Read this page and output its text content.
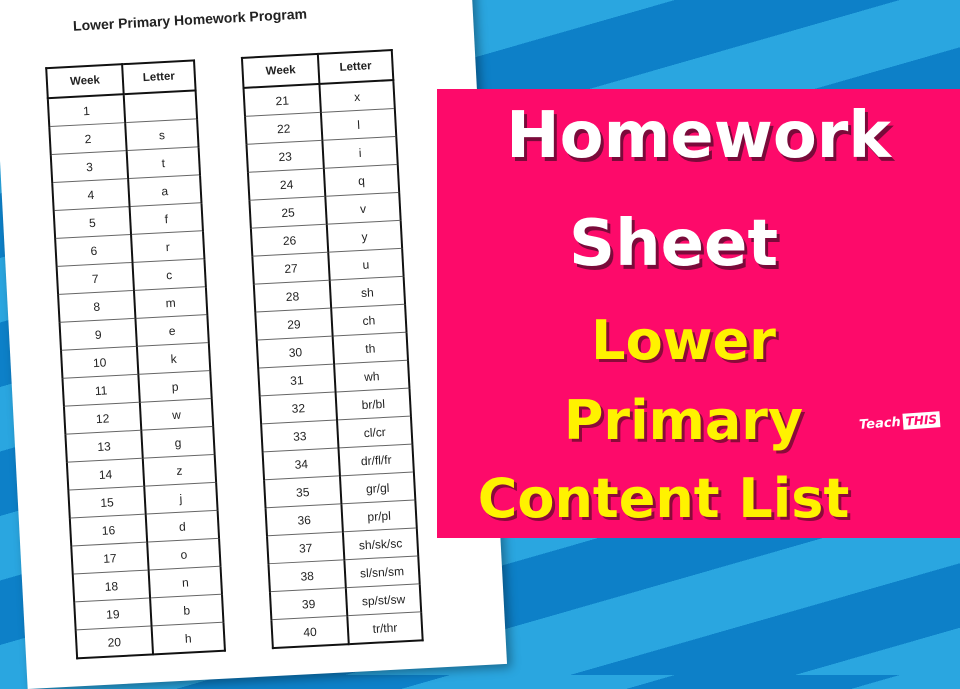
Lower Primary Homework Program
Week	Letter
1	
2	s
3	t
4	a
5	f
6	r
7	c
8	m
9	e
10	k
11	p
12	w
13	g
14	z
15	j
16	d
17	o
18	n
19	b
20	h
Week	Letter
21	x
22	l
23	i
24	q
25	v
26	y
27	u
28	sh
29	ch
30	th
31	wh
32	br/bl
33	cl/cr
34	dr/fl/fr
35	gr/gl
36	pr/pl
37	sh/sk/sc
38	sl/sn/sm
39	sp/st/sw
40	tr/thr
Homework
Sheet
Lower
Primary
Content List
Teach THIS
